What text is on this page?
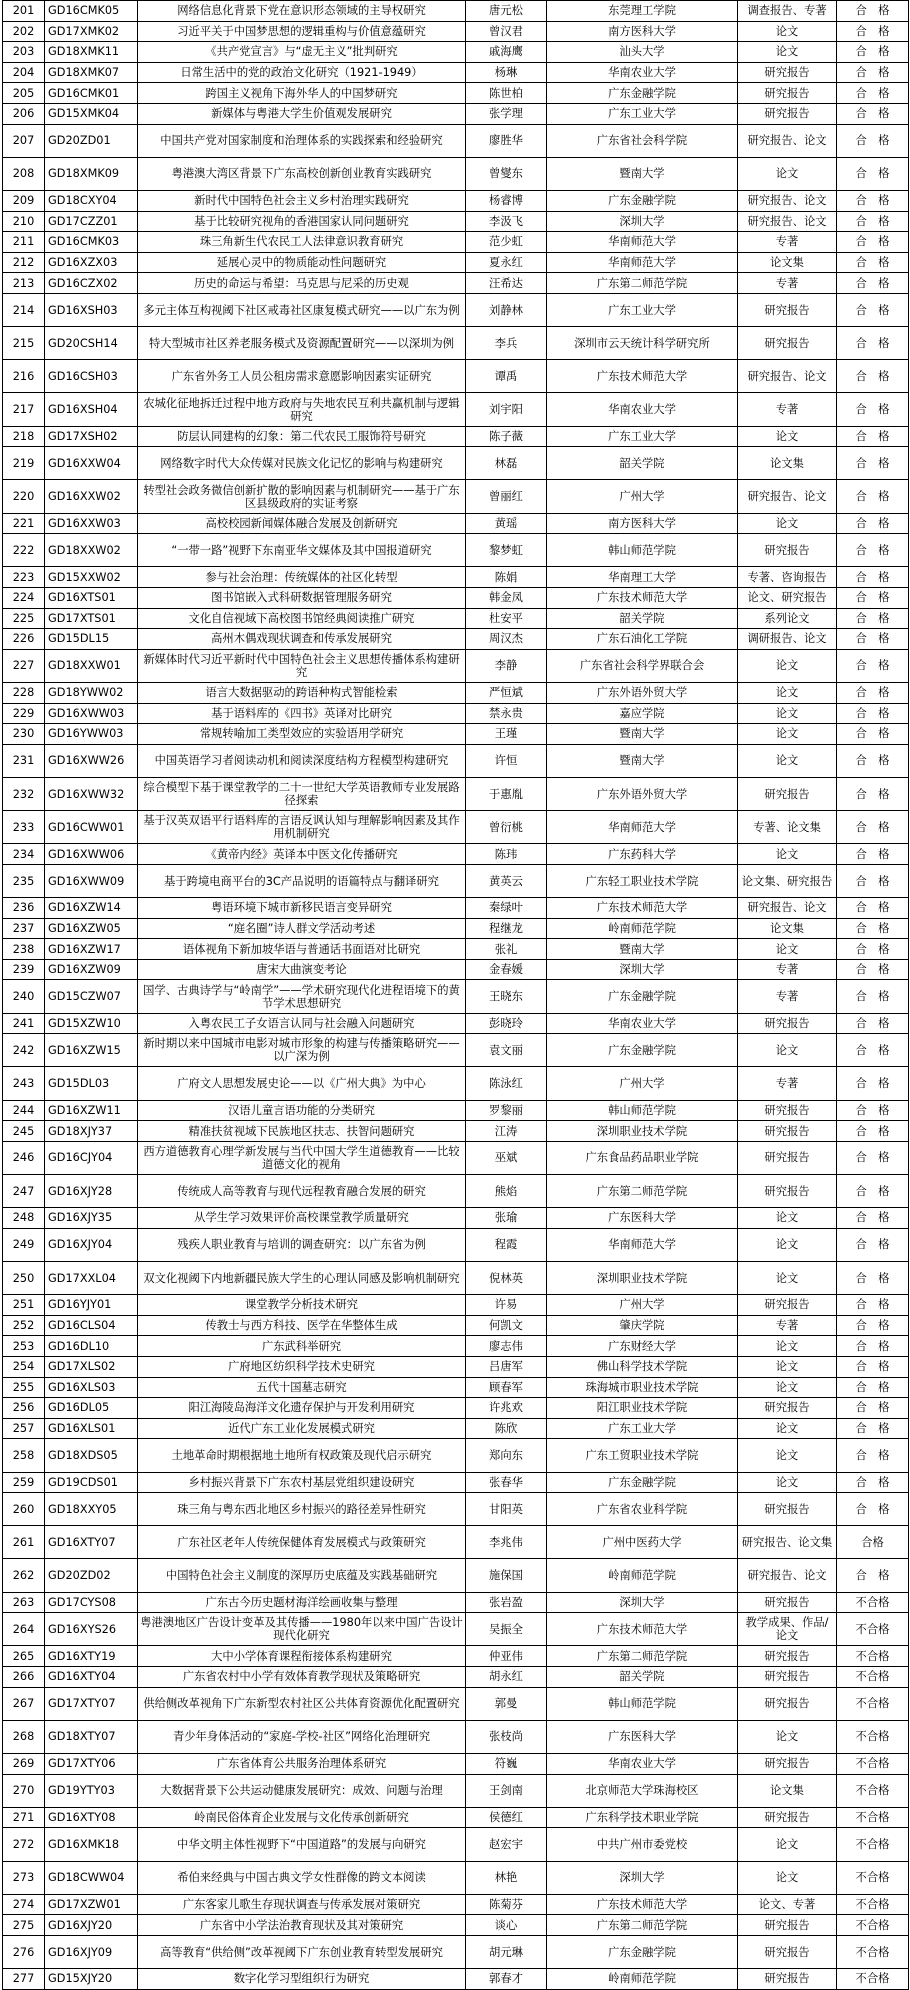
201	GD16CMK05	网络信息化背景下党在意识形态领域的主导权研究	唐元松	东莞理工学院	调查报告、专著	合　格
202	GD17XMK02	习近平关于中国梦思想的逻辑重构与价值意蕴研究	曾汉君	南方医科大学	论文	合　格
203	GD18XMK11	《共产党宣言》与“虚无主义”批判研究	戚海鹰	汕头大学	论文	合　格
204	GD18XMK07	日常生活中的党的政治文化研究（1921-1949）	杨琳	华南农业大学	研究报告	合　格
205	GD16CMK01	跨国主义视角下海外华人的中国梦研究	陈世柏	广东金融学院	研究报告	合　格
206	GD15XMK04	新媒体与粤港大学生价值观发展研究	张学理	广东工业大学	研究报告	合　格
207	GD20ZD01	中国共产党对国家制度和治理体系的实践探索和经验研究	廖胜华	广东省社会科学院	研究报告、论文	合　格
208	GD18XMK09	粤港澳大湾区背景下广东高校创新创业教育实践研究	曾燮东	暨南大学	论文	合　格
209	GD18CXY04	新时代中国特色社会主义乡村治理实践研究	杨睿博	广东金融学院	研究报告、论文	合　格
210	GD17CZZ01	基于比较研究视角的香港国家认同问题研究	李汲飞	深圳大学	研究报告、论文	合　格
211	GD16CMK03	珠三角新生代农民工人法律意识教育研究	范少虹	华南师范大学	专著	合　格
212	GD16XZX03	延展心灵中的物质能动性问题研究	夏永红	华南师范大学	论文集	合　格
213	GD16CZX02	历史的命运与希望：马克思与尼采的历史观	汪希达	广东第二师范学院	专著	合　格
214	GD16XSH03	多元主体互构视阈下社区戒毒社区康复模式研究——以广东为例	刘静林	广东工业大学	研究报告	合　格
215	GD20CSH14	特大型城市社区养老服务模式及资源配置研究——以深圳为例	李兵	深圳市云天统计科学研究所	研究报告	合　格
216	GD16CSH03	广东省外务工人员公租房需求意愿影响因素实证研究	谭禹	广东技术师范大学	研究报告、论文	合　格
217	GD16XSH04	农城化征地拆迁过程中地方政府与失地农民互利共赢机制与逻辑研究	刘宇阳	华南农业大学	专著	合　格
218	GD17XSH02	防层认同建构的幻象：第二代农民工服饰符号研究	陈子薇	广东工业大学	论文	合　格
219	GD16XXW04	网络数字时代大众传媒对民族文化记忆的影响与构建研究	林磊	韶关学院	论文集	合　格
220	GD16XXW02	转型社会政务微信创新扩散的影响因素与机制研究——基于广东区县级政府的实证考察	曾丽红	广州大学	研究报告、论文	合　格
221	GD16XXW03	高校校园新闻媒体融合发展及创新研究	黄瑶	南方医科大学	论文	合　格
222	GD18XXW02	“一带一路”视野下东南亚华文媒体及其中国报道研究	黎梦虹	韩山师范学院	研究报告	合　格
223	GD15XXW02	参与社会治理：传统媒体的社区化转型	陈娟	华南理工大学	专著、咨询报告	合　格
224	GD16XTS01	图书馆嵌入式科研数据管理服务研究	韩金凤	广东技术师范大学	论文、研究报告	合　格
225	GD17XTS01	文化自信视域下高校图书馆经典阅读推广研究	杜安平	韶关学院	系列论文	合　格
226	GD15DL15	高州木偶戏现状调查和传承发展研究	周汉杰	广东石油化工学院	调研报告、论文	合　格
227	GD18XXW01	新媒体时代习近平新时代中国特色社会主义思想传播体系构建研究	李静	广东省社会科学界联合会	论文	合　格
228	GD18YWW02	语言大数据驱动的跨语种构式智能检索	严恒斌	广东外语外贸大学	论文	合　格
229	GD16XWW03	基于语料库的《四书》英译对比研究	禁永贵	嘉应学院	论文	合　格
230	GD16YWW03	常规转喻加工类型效应的实验语用学研究	王瑾	暨南大学	论文	合　格
231	GD16XWW26	中国英语学习者阅读动机和阅读深度结构方程模型构建研究	许恒	暨南大学	论文	合　格
232	GD16XWW32	综合模型下基于课堂教学的二十一世纪大学英语教师专业发展路径探索	于惠胤	广东外语外贸大学	研究报告	合　格
233	GD16CWW01	基于汉英双语平行语料库的言语反讽认知与理解影响因素及其作用机制研究	曾衍桃	华南师范大学	专著、论文集	合　格
234	GD16XWW06	《黄帝内经》英译本中医文化传播研究	陈玮	广东药科大学	论文	合　格
235	GD16XWW09	基于跨境电商平台的3C产品说明的语篇特点与翻译研究	黄英云	广东轻工职业技术学院	论文集、研究报告	合　格
236	GD16XZW14	粤语环境下城市新移民语言变异研究	秦绿叶	广东技术师范大学	研究报告、论文	合　格
237	GD16XZW05	“庭名圈”诗人群文学活动考述	程继龙	岭南师范学院	论文集	合　格
238	GD16XZW17	语体视角下新加坡华语与普通话书面语对比研究	张礼	暨南大学	论文	合　格
239	GD16XZW09	唐宋大曲演变考论	金春媛	深圳大学	专著	合　格
240	GD15CZW07	国学、古典诗学与“岭南学”——学术研究现代化进程语境下的黄节学术思想研究	王晓东	广东金融学院	专著	合　格
241	GD15XZW10	入粤农民工子女语言认同与社会融入问题研究	彭晓玲	华南农业大学	研究报告	合　格
242	GD16XZW15	新时期以来中国城市电影对城市形象的构建与传播策略研究——以广深为例	袁文丽	广东金融学院	论文	合　格
243	GD15DL03	广府文人思想发展史论——以《广州大典》为中心	陈泳红	广州大学	专著	合　格
244	GD16XZW11	汉语儿童言语功能的分类研究	罗黎丽	韩山师范学院	研究报告	合　格
245	GD18XJY37	精准扶贫视域下民族地区扶志、扶智问题研究	江涛	深圳职业技术学院	研究报告	合　格
246	GD16CJY04	西方道德教育心理学新发展与当代中国大学生道德教育——比较道德文化的视角	巫斌	广东食品药品职业学院	研究报告	合　格
247	GD16XJY28	传统成人高等教育与现代远程教育融合发展的研究	熊焰	广东第二师范学院	研究报告	合　格
248	GD16XJY35	从学生学习效果评价高校课堂教学质量研究	张瑜	广东医科大学	论文	合　格
249	GD16XJY04	残疾人职业教育与培训的调查研究：以广东省为例	程霞	华南师范大学	论文	合　格
250	GD17XXL04	双文化视阈下内地新疆民族大学生的心理认同感及影响机制研究	倪林英	深圳职业技术学院	论文	合　格
251	GD16YJY01	课堂教学分析技术研究	许易	广州大学	研究报告	合　格
252	GD16CLS04	传教士与西方科技、医学在华整体生成	何凯文	肇庆学院	专著	合　格
253	GD16DL10	广东武科举研究	廖志伟	广东财经大学	论文	合　格
254	GD17XLS02	广府地区纺织科学技术史研究	吕唐军	佛山科学技术学院	论文	合　格
255	GD16XLS03	五代十国墓志研究	顾春军	珠海城市职业技术学院	论文	合　格
256	GD16DL05	阳江海陵岛海洋文化遗存保护与开发利用研究	许兆欢	阳江职业技术学院	研究报告	合　格
257	GD16XLS01	近代广东工业化发展模式研究	陈欣	广东工业大学	论文	合　格
258	GD18XDS05	土地革命时期根据地土地所有权政策及现代启示研究	郑向东	广东工贸职业技术学院	论文	合　格
259	GD19CDS01	乡村振兴背景下广东农村基层党组织建设研究	张春华	广东金融学院	论文	合　格
260	GD18XXY05	珠三角与粤东西北地区乡村振兴的路径差异性研究	甘阳英	广东省农业科学院	研究报告	合　格
261	GD16XTY07	广东社区老年人传统保健体育发展模式与政策研究	李兆伟	广州中医药大学	研究报告、论文集	合格
262	GD20ZD02	中国特色社会主义制度的深厚历史底蕴及实践基础研究	施保国	岭南师范学院	研究报告、论文	合　格
263	GD17CYS08	广东古今历史题材海洋绘画收集与整理	张岩盈	深圳大学	研究报告	不合格
264	GD16XYS26	粤港澳地区广告设计变革及其传播——1980年以来中国广告设计现代化研究	吴振全	广东技术师范大学	教学成果、作品/论文	不合格
265	GD16XTY19	大中小学体育课程衔接体系构建研究	仲亚伟	广东第二师范学院	研究报告	不合格
266	GD16XTY04	广东省农村中小学有效体育教学现状及策略研究	胡永红	韶关学院	研究报告	不合格
267	GD17XTY07	供给侧改革视角下广东新型农村社区公共体育资源优化配置研究	郭曼	韩山师范学院	研究报告	不合格
268	GD18XTY07	青少年身体活动的“家庭-学校-社区”网络化治理研究	张枝尚	广东医科大学	论文	不合格
269	GD17XTY06	广东省体育公共服务治理体系研究	符巍	华南农业大学	研究报告	不合格
270	GD19YTY03	大数据背景下公共运动健康发展研究：成效、问题与治理	王剑南	北京师范大学珠海校区	论文集	不合格
271	GD16XTY08	岭南民俗体育企业发展与文化传承创新研究	侯德红	广东科学技术职业学院	研究报告	不合格
272	GD16XMK18	中华文明主体性视野下“中国道路”的发展与向研究	赵宏宇	中共广州市委党校	论文	不合格
273	GD18CWW04	希伯来经典与中国古典文学女性群像的跨文本阅读	林艳	深圳大学	论文	不合格
274	GD17XZW01	广东客家儿歌生存现状调查与传承发展对策研究	陈菊芬	广东技术师范大学	论文、专著	不合格
275	GD16XJY20	广东省中小学法治教育现状及其对策研究	谈心	广东第二师范学院	研究报告	不合格
276	GD16XJY09	高等教育“供给侧”改革视阈下广东创业教育转型发展研究	胡元琳	广东金融学院	研究报告	不合格
277	GD15XJY20	数字化学习型组织行为研究	郭春才	岭南师范学院	研究报告	不合格
